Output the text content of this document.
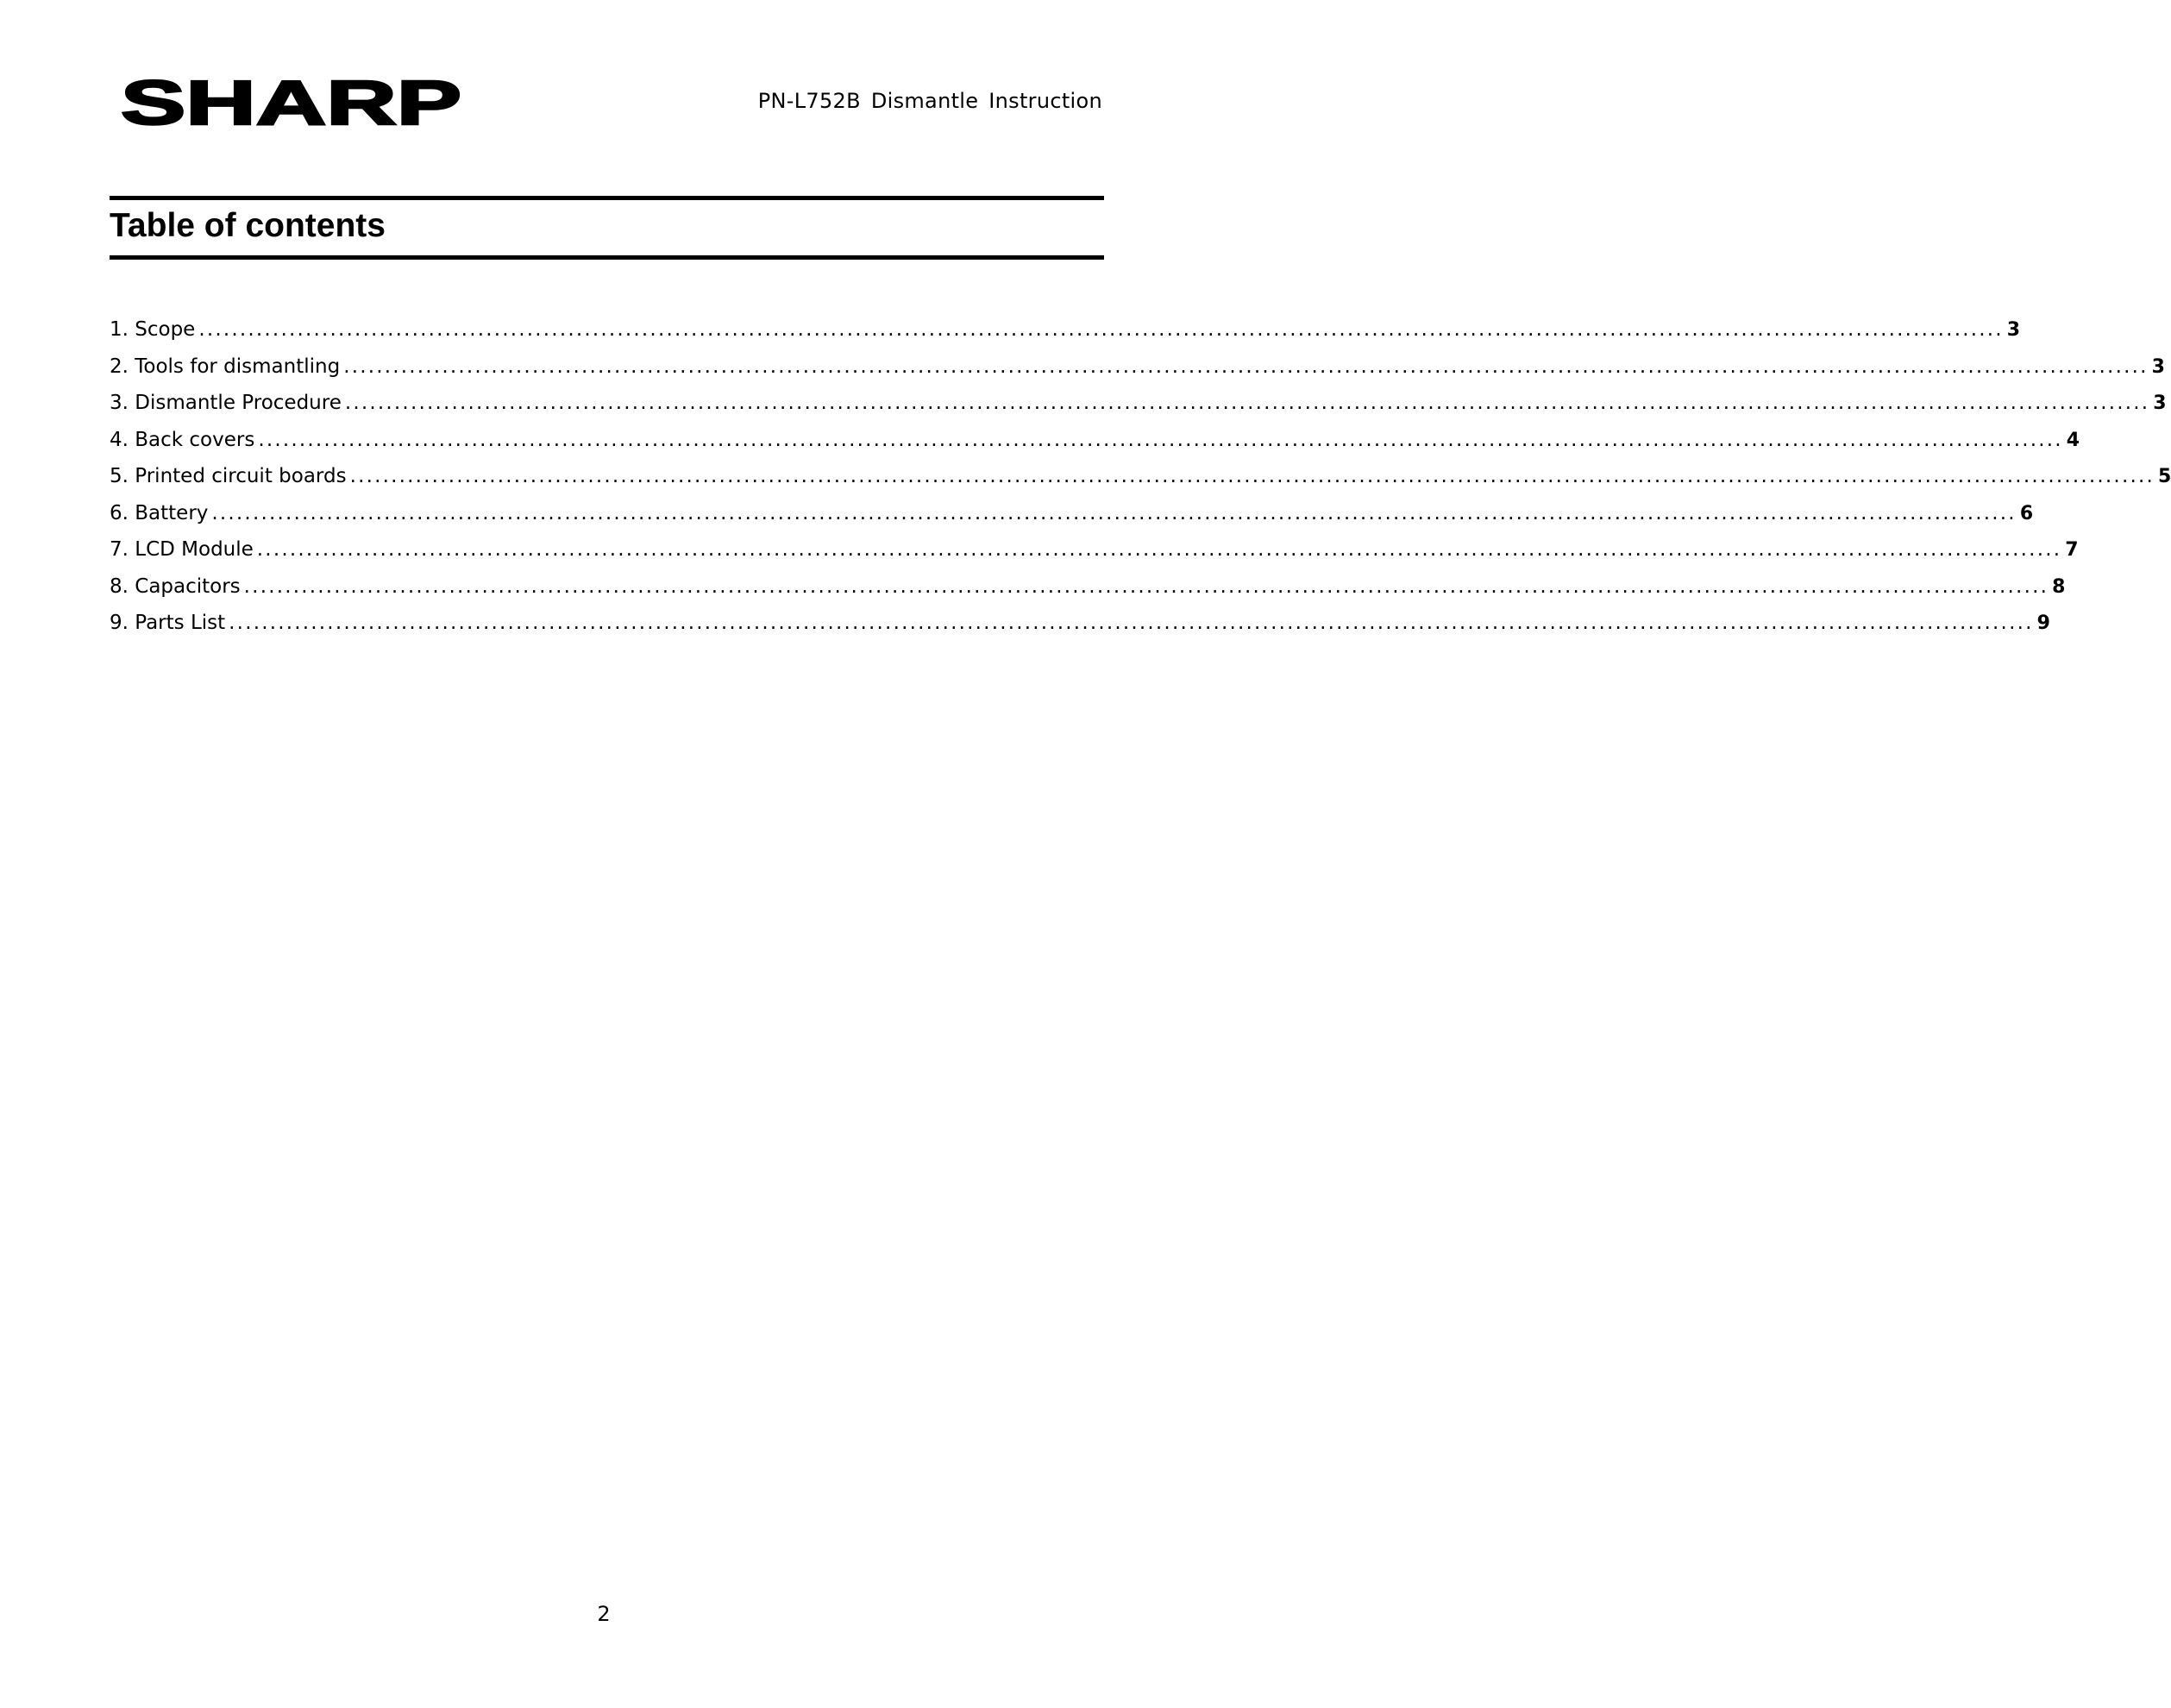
SHARP	PN-L752B Dismantle Instruction
Table of contents
1. Scope ............................................................................................................................................................................................................................ 3
2. Tools for dismantling ............................................................................................................................................................................................................................ 3
3. Dismantle Procedure ............................................................................................................................................................................................................................ 3
4. Back covers ............................................................................................................................................................................................................................ 4
5. Printed circuit boards ............................................................................................................................................................................................................................ 5
6. Battery ............................................................................................................................................................................................................................ 6
7. LCD Module ............................................................................................................................................................................................................................ 7
8. Capacitors ............................................................................................................................................................................................................................ 8
9. Parts List ............................................................................................................................................................................................................................ 9
2
